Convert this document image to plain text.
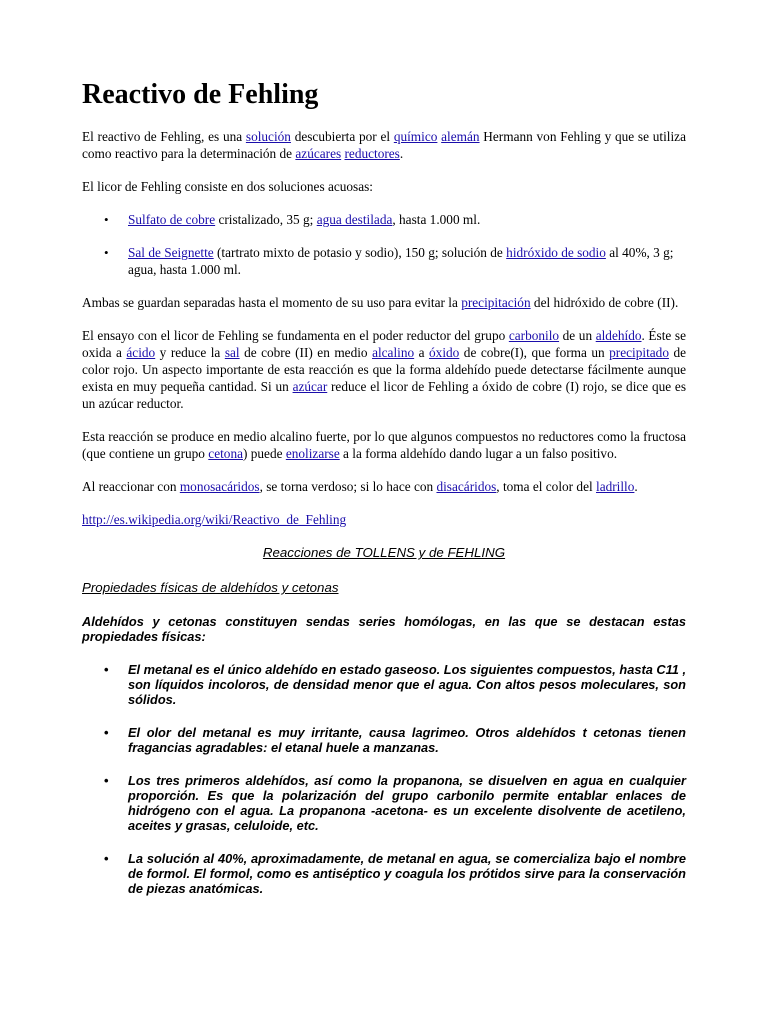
Reactivo de Fehling

El reactivo de Fehling, es una solución descubierta por el químico alemán Hermann von Fehling y que se utiliza como reactivo para la determinación de azúcares reductores.

El licor de Fehling consiste en dos soluciones acuosas:

• Sulfato de cobre cristalizado, 35 g; agua destilada, hasta 1.000 ml.
• Sal de Seignette (tartrato mixto de potasio y sodio), 150 g; solución de hidróxido de sodio al 40%, 3 g; agua, hasta 1.000 ml.

Ambas se guardan separadas hasta el momento de su uso para evitar la precipitación del hidróxido de cobre (II).

El ensayo con el licor de Fehling se fundamenta en el poder reductor del grupo carbonilo de un aldehído. Éste se oxida a ácido y reduce la sal de cobre (II) en medio alcalino a óxido de cobre(I), que forma un precipitado de color rojo. Un aspecto importante de esta reacción es que la forma aldehído puede detectarse fácilmente aunque exista en muy pequeña cantidad. Si un azúcar reduce el licor de Fehling a óxido de cobre (I) rojo, se dice que es un azúcar reductor.

Esta reacción se produce en medio alcalino fuerte, por lo que algunos compuestos no reductores como la fructosa (que contiene un grupo cetona) puede enolizarse a la forma aldehído dando lugar a un falso positivo.

Al reaccionar con monosacáridos, se torna verdoso; si lo hace con disacáridos, toma el color del ladrillo.

http://es.wikipedia.org/wiki/Reactivo_de_Fehling

Reacciones de TOLLENS y de FEHLING

Propiedades físicas de aldehídos y cetonas

Aldehídos y cetonas constituyen sendas series homólogas, en las que se destacan estas propiedades físicas:

• El metanal es el único aldehído en estado gaseoso. Los siguientes compuestos, hasta C11 , son líquidos incoloros, de densidad menor que el agua. Con altos pesos moleculares, son sólidos.
• El olor del metanal es muy irritante, causa lagrimeo. Otros aldehídos t cetonas tienen fragancias agradables: el etanal huele a manzanas.
• Los tres primeros aldehídos, así como la propanona, se disuelven en agua en cualquier proporción. Es que la polarización del grupo carbonilo permite entablar enlaces de hidrógeno con el agua. La propanona -acetona- es un excelente disolvente de acetileno, aceites y grasas, celuloide, etc.
• La solución al 40%, aproximadamente, de metanal en agua, se comercializa bajo el nombre de formol. El formol, como es antiséptico y coagula los prótidos sirve para la conservación de piezas anatómicas.
